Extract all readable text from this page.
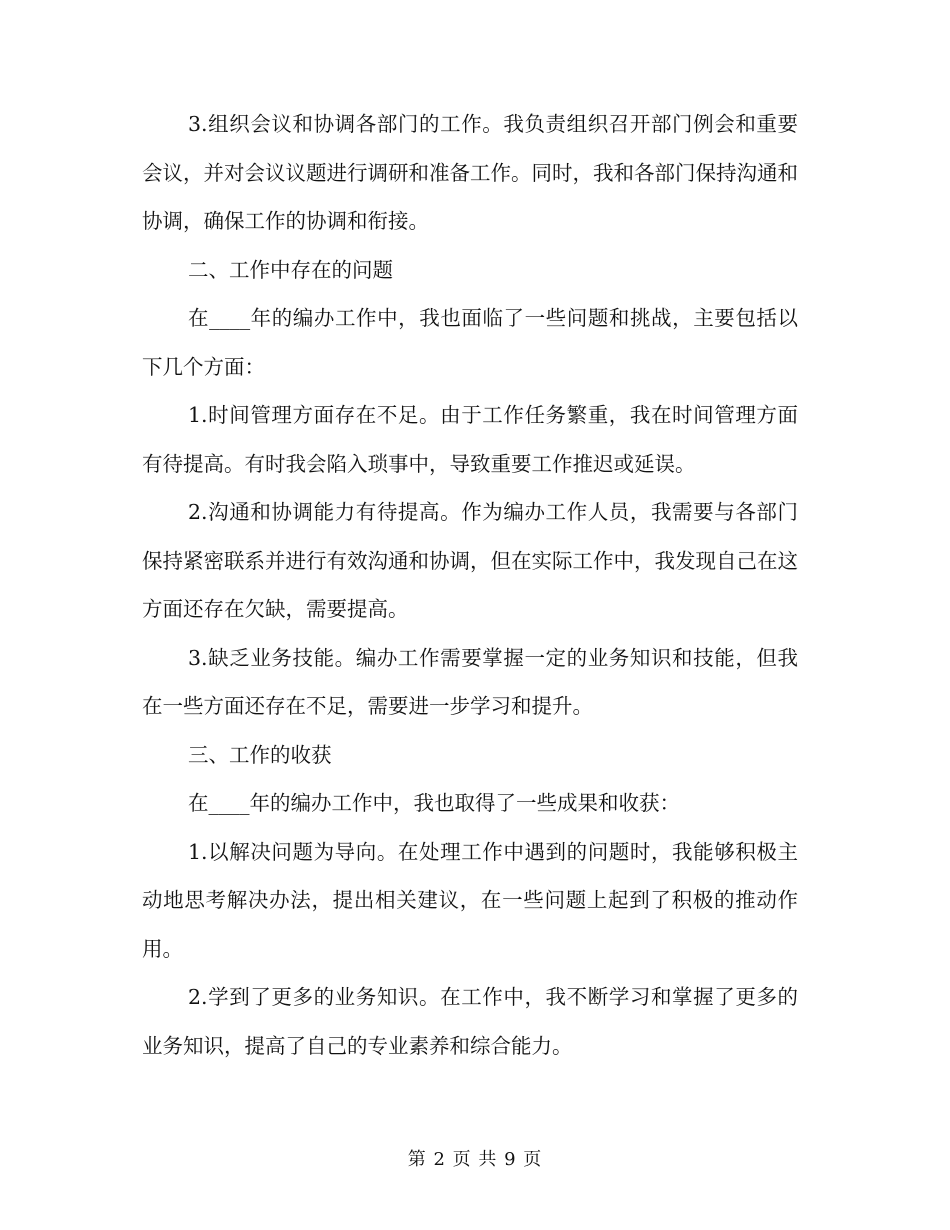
3.组织会议和协调各部门的工作。我负责组织召开部门例会和重要会议，并对会议议题进行调研和准备工作。同时，我和各部门保持沟通和协调，确保工作的协调和衔接。

二、工作中存在的问题

在____年的编办工作中，我也面临了一些问题和挑战，主要包括以下几个方面：

1.时间管理方面存在不足。由于工作任务繁重，我在时间管理方面有待提高。有时我会陷入琐事中，导致重要工作推迟或延误。

2.沟通和协调能力有待提高。作为编办工作人员，我需要与各部门保持紧密联系并进行有效沟通和协调，但在实际工作中，我发现自己在这方面还存在欠缺，需要提高。

3.缺乏业务技能。编办工作需要掌握一定的业务知识和技能，但我在一些方面还存在不足，需要进一步学习和提升。

三、工作的收获

在____年的编办工作中，我也取得了一些成果和收获：

1.以解决问题为导向。在处理工作中遇到的问题时，我能够积极主动地思考解决办法，提出相关建议，在一些问题上起到了积极的推动作用。

2.学到了更多的业务知识。在工作中，我不断学习和掌握了更多的业务知识，提高了自己的专业素养和综合能力。

第 2 页 共 9 页
